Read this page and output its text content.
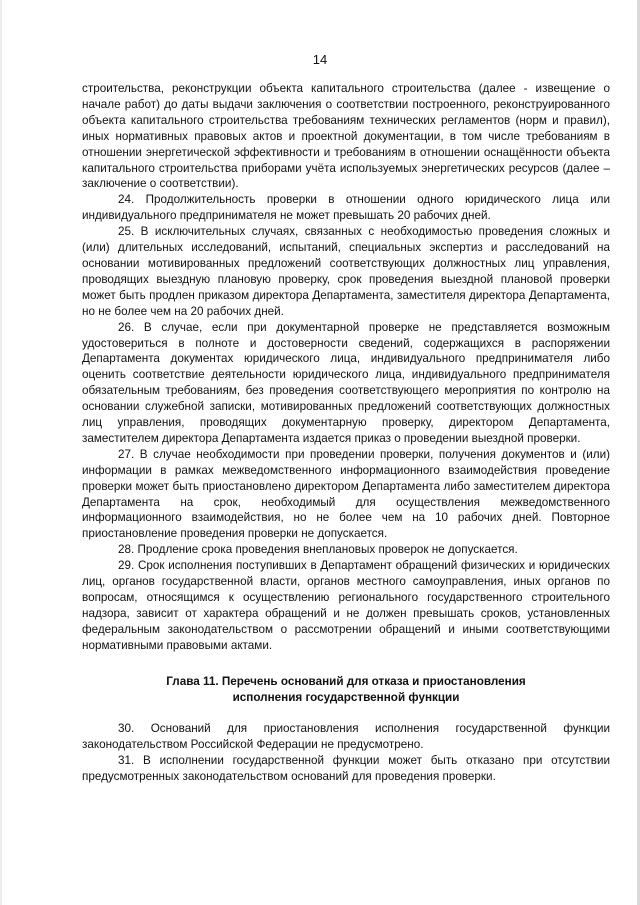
14

строительства, реконструкции объекта капитального строительства (далее - извещение о начале работ) до даты выдачи заключения о соответствии построенного, реконструированного объекта капитального строительства требованиям технических регламентов (норм и правил), иных нормативных правовых актов и проектной документации, в том числе требованиям в отношении энергетической эффективности и требованиям в отношении оснащённости объекта капитального строительства приборами учёта используемых энергетических ресурсов (далее – заключение о соответствии).

24. Продолжительность проверки в отношении одного юридического лица или индивидуального предпринимателя не может превышать 20 рабочих дней.

25. В исключительных случаях, связанных с необходимостью проведения сложных и (или) длительных исследований, испытаний, специальных экспертиз и расследований на основании мотивированных предложений соответствующих должностных лиц управления, проводящих выездную плановую проверку, срок проведения выездной плановой проверки может быть продлен приказом директора Департамента, заместителя директора Департамента, но не более чем на 20 рабочих дней.

26. В случае, если при документарной проверке не представляется возможным удостовериться в полноте и достоверности сведений, содержащихся в распоряжении Департамента документах юридического лица, индивидуального предпринимателя либо оценить соответствие деятельности юридического лица, индивидуального предпринимателя обязательным требованиям, без проведения соответствующего мероприятия по контролю на основании служебной записки, мотивированных предложений соответствующих должностных лиц управления, проводящих документарную проверку, директором Департамента, заместителем директора Департамента издается приказ о проведении выездной проверки.

27. В случае необходимости при проведении проверки, получения документов и (или) информации в рамках межведомственного информационного взаимодействия проведение проверки может быть приостановлено директором Департамента либо заместителем директора Департамента на срок, необходимый для осуществления межведомственного информационного взаимодействия, но не более чем на 10 рабочих дней. Повторное приостановление проведения проверки не допускается.

28. Продление срока проведения внеплановых проверок не допускается.

29. Срок исполнения поступивших в Департамент обращений физических и юридических лиц, органов государственной власти, органов местного самоуправления, иных органов по вопросам, относящимся к осуществлению регионального государственного строительного надзора, зависит от характера обращений и не должен превышать сроков, установленных федеральным законодательством о рассмотрении обращений и иными соответствующими нормативными правовыми актами.

Глава 11. Перечень оснований для отказа и приостановления
исполнения государственной функции

30. Оснований для приостановления исполнения государственной функции законодательством Российской Федерации не предусмотрено.

31. В исполнении государственной функции может быть отказано при отсутствии предусмотренных законодательством оснований для проведения проверки.
